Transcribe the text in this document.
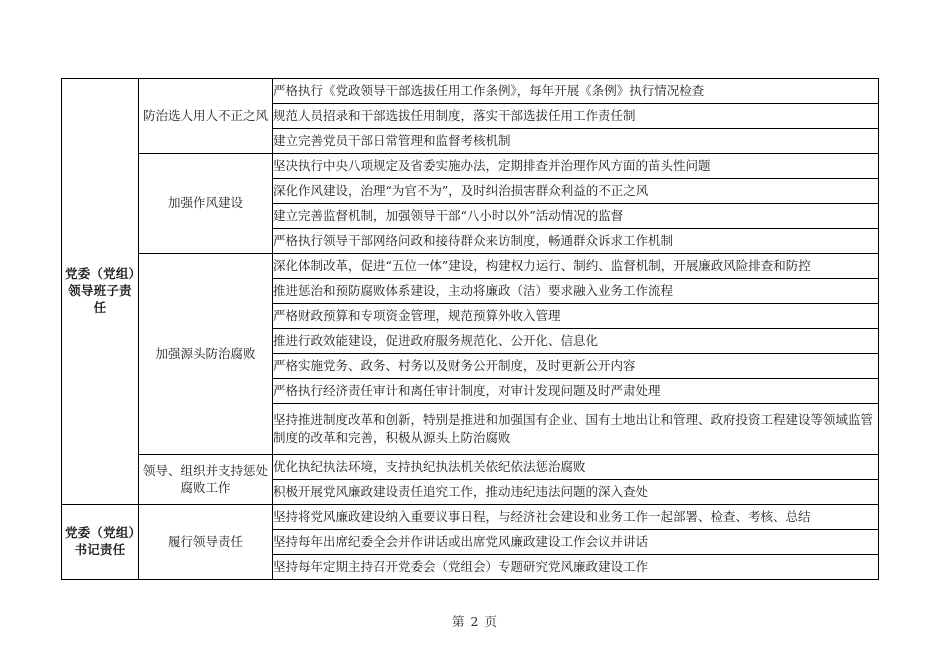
党委（党组）领导班子责任	防治选人用人不正之风	严格执行《党政领导干部选拔任用工作条例》，每年开展《条例》执行情况检查
		规范人员招录和干部选拔任用制度，落实干部选拔任用工作责任制
		建立完善党员干部日常管理和监督考核机制
	加强作风建设	坚决执行中央八项规定及省委实施办法，定期排查并治理作风方面的苗头性问题
		深化作风建设，治理“为官不为”，及时纠治损害群众利益的不正之风
		建立完善监督机制，加强领导干部“八小时以外”活动情况的监督
		严格执行领导干部网络问政和接待群众来访制度，畅通群众诉求工作机制
	加强源头防治腐败	深化体制改革，促进“五位一体”建设，构建权力运行、制约、监督机制，开展廉政风险排查和防控
		推进惩治和预防腐败体系建设，主动将廉政（洁）要求融入业务工作流程
		严格财政预算和专项资金管理，规范预算外收入管理
		推进行政效能建设，促进政府服务规范化、公开化、信息化
		严格实施党务、政务、村务以及财务公开制度，及时更新公开内容
		严格执行经济责任审计和离任审计制度，对审计发现问题及时严肃处理
		坚持推进制度改革和创新，特别是推进和加强国有企业、国有土地出让和管理、政府投资工程建设等领域监管制度的改革和完善，积极从源头上防治腐败
	领导、组织并支持惩处腐败工作	优化执纪执法环境，支持执纪执法机关依纪依法惩治腐败
		积极开展党风廉政建设责任追究工作，推动违纪违法问题的深入查处
党委（党组）书记责任	履行领导责任	坚持将党风廉政建设纳入重要议事日程，与经济社会建设和业务工作一起部署、检查、考核、总结
		坚持每年出席纪委全会并作讲话或出席党风廉政建设工作会议并讲话
		坚持每年定期主持召开党委会（党组会）专题研究党风廉政建设工作
第 2 页
